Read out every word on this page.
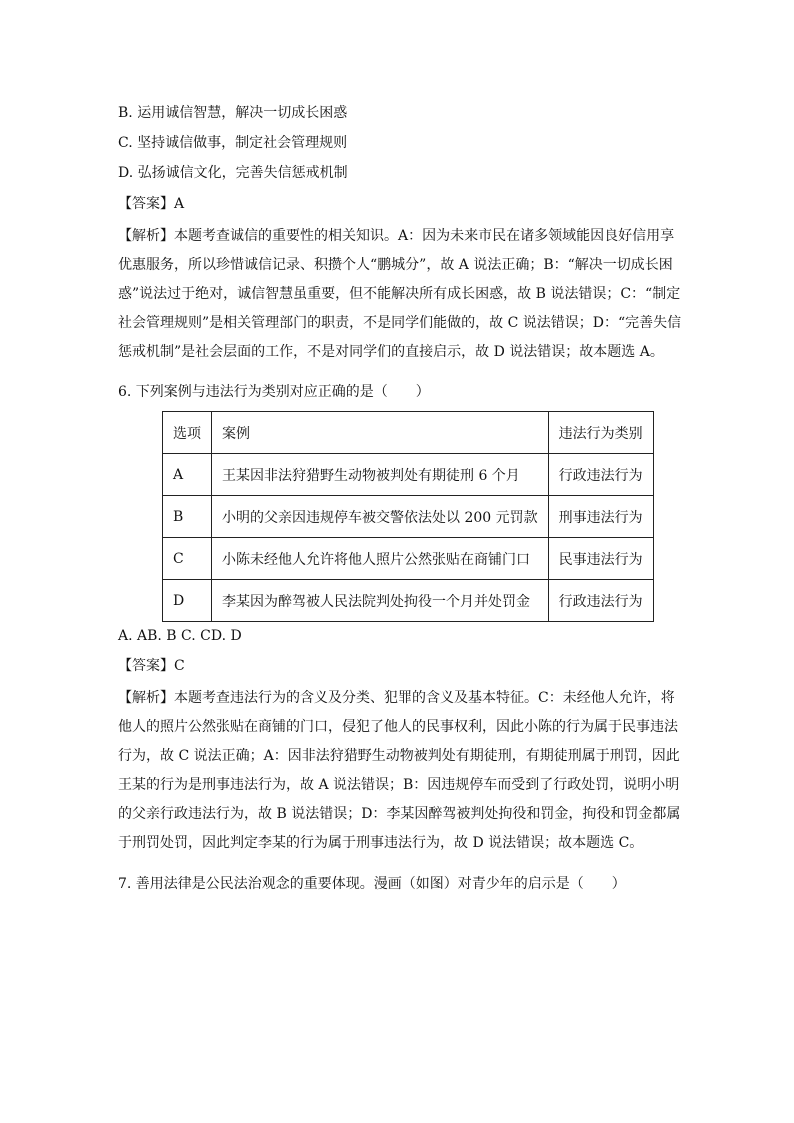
B. 运用诚信智慧，解决一切成长困惑
C. 坚持诚信做事，制定社会管理规则
D. 弘扬诚信文化，完善失信惩戒机制
【答案】A
【解析】本题考查诚信的重要性的相关知识。A：因为未来市民在诸多领域能因良好信用享
优惠服务，所以珍惜诚信记录、积攒个人“鹏城分”，故 A 说法正确；B：“解决一切成长困
惑”说法过于绝对，诚信智慧虽重要，但不能解决所有成长困惑，故 B 说法错误；C：“制定
社会管理规则”是相关管理部门的职责，不是同学们能做的，故 C 说法错误；D：“完善失信
惩戒机制”是社会层面的工作，不是对同学们的直接启示，故 D 说法错误；故本题选 A。
6. 下列案例与违法行为类别对应正确的是（　　）
选项	案例	违法行为类别
A	王某因非法狩猎野生动物被判处有期徒刑 6 个月	行政违法行为
B	小明的父亲因违规停车被交警依法处以 200 元罚款	刑事违法行为
C	小陈未经他人允许将他人照片公然张贴在商铺门口	民事违法行为
D	李某因为醉驾被人民法院判处拘役一个月并处罚金	行政违法行为
A. AB. B C. CD. D
【答案】C
【解析】本题考查违法行为的含义及分类、犯罪的含义及基本特征。C：未经他人允许，将
他人的照片公然张贴在商铺的门口，侵犯了他人的民事权利，因此小陈的行为属于民事违法
行为，故 C 说法正确；A：因非法狩猎野生动物被判处有期徒刑，有期徒刑属于刑罚，因此
王某的行为是刑事违法行为，故 A 说法错误；B：因违规停车而受到了行政处罚，说明小明
的父亲行政违法行为，故 B 说法错误；D：李某因醉驾被判处拘役和罚金，拘役和罚金都属
于刑罚处罚，因此判定李某的行为属于刑事违法行为，故 D 说法错误；故本题选 C。
7. 善用法律是公民法治观念的重要体现。漫画（如图）对青少年的启示是（　　）
